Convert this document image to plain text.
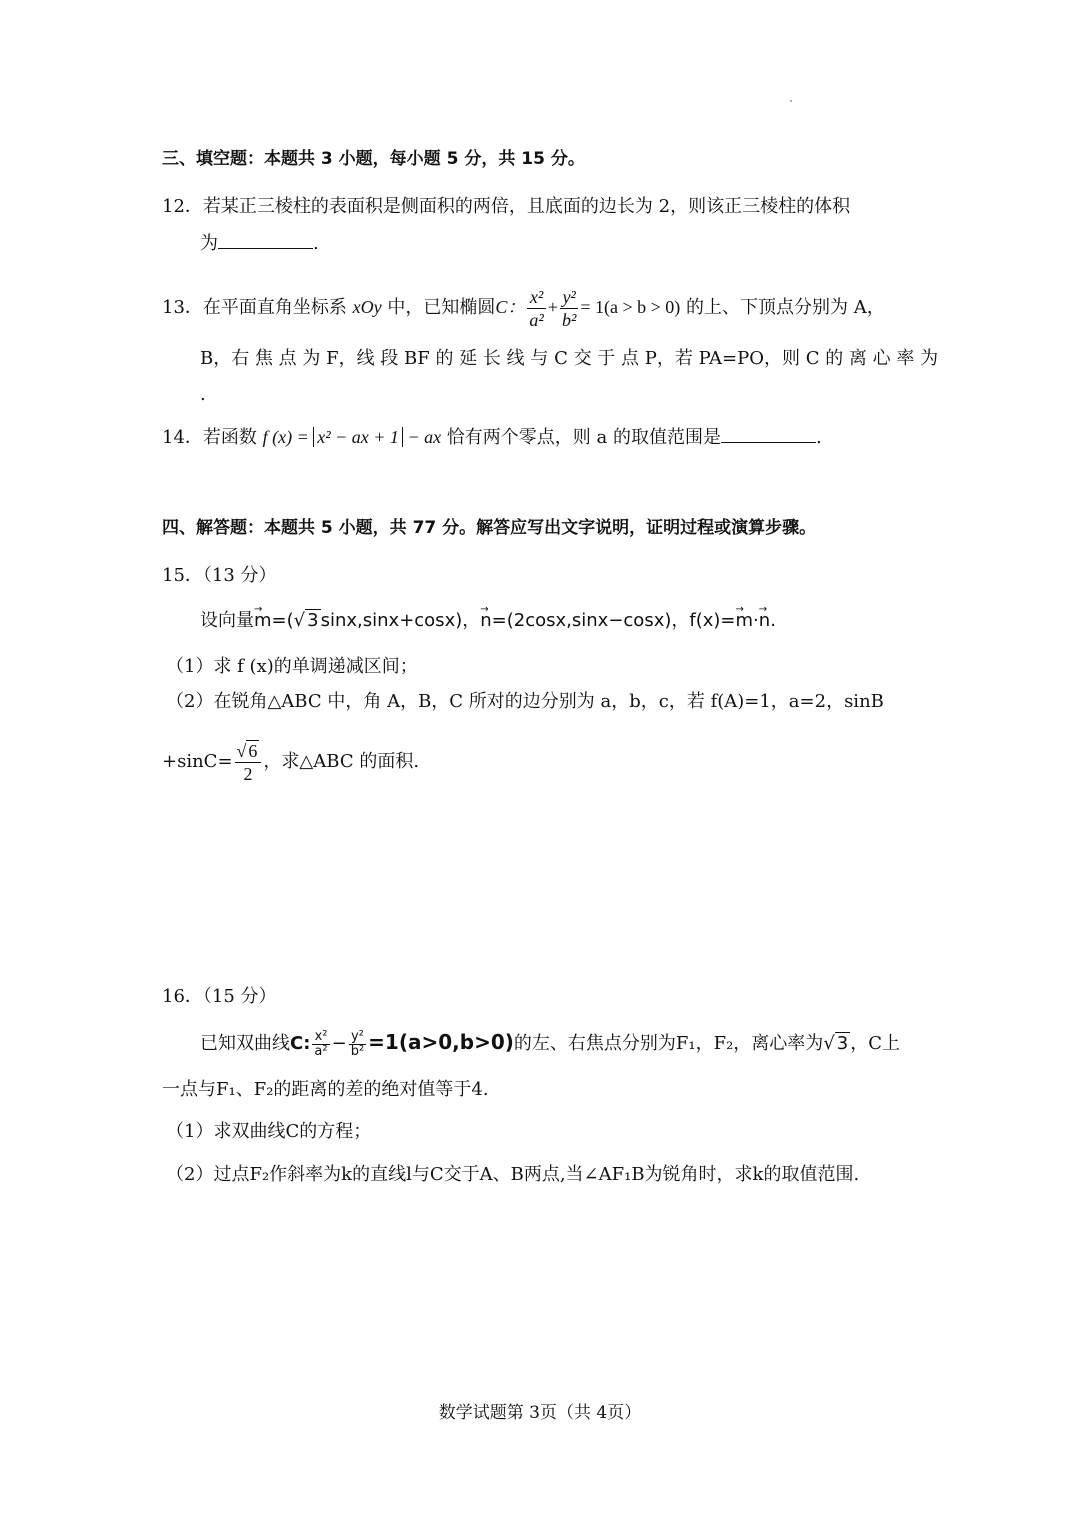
三、填空题：本题共 3 小题，每小题 5 分，共 15 分。
12．若某正三棱柱的表面积是侧面积的两倍，且底面的边长为 2，则该正三棱柱的体积
为	.
13．在平面直角坐标系 xOy 中，已知椭圆C： $\frac{\text{x²}}{\text{a²}} + \frac{\text{y²}}{\text{b²}} = 1(a > b > 0)$ 的上、下顶点分别为 A，
B，右 焦 点 为 F，线 段 BF 的 延 长 线 与 C 交 于 点 P，若 PA=PO，则 C 的 离 心 率 为
.
14．若函数 f (x) = x² − ax + 1 − ax 恰有两个零点，则 a 的取值范围是	.
四、解答题：本题共 5 小题，共 77 分。解答应写出文字说明，证明过程或演算步骤。
15．（13 分）
设向量→ m=(√ 3 sinx,sinx+cosx)，→ n=(2cosx,sinx−cosx)，f(x)=→ m·→ n.
（1）求 f (x)的单调递减区间；
（2）在锐角△ABC 中，角 A，B，C 所对的边分别为 a，b，c，若 f(A)=1，a=2，sinB
$+\sin C= \frac{√ 6}{2}$ ，求△ABC 的面积.
16．（15 分）
已知双曲线C: $\frac{\text{x²}}{\text{a²}} - \frac{\text{y²}}{\text{b²}} =1(a>0,b>0)$的左、右焦点分别为F₁，F₂，离心率为√ 3 ，C上
一点与F₁、F₂的距离的差的绝对值等于4.
（1）求双曲线C的方程；
（2）过点F₂作斜率为k的直线l与C交于A、B两点,当∠AF₁B为锐角时，求k的取值范围.
数学试题第 3页（共 4页）
